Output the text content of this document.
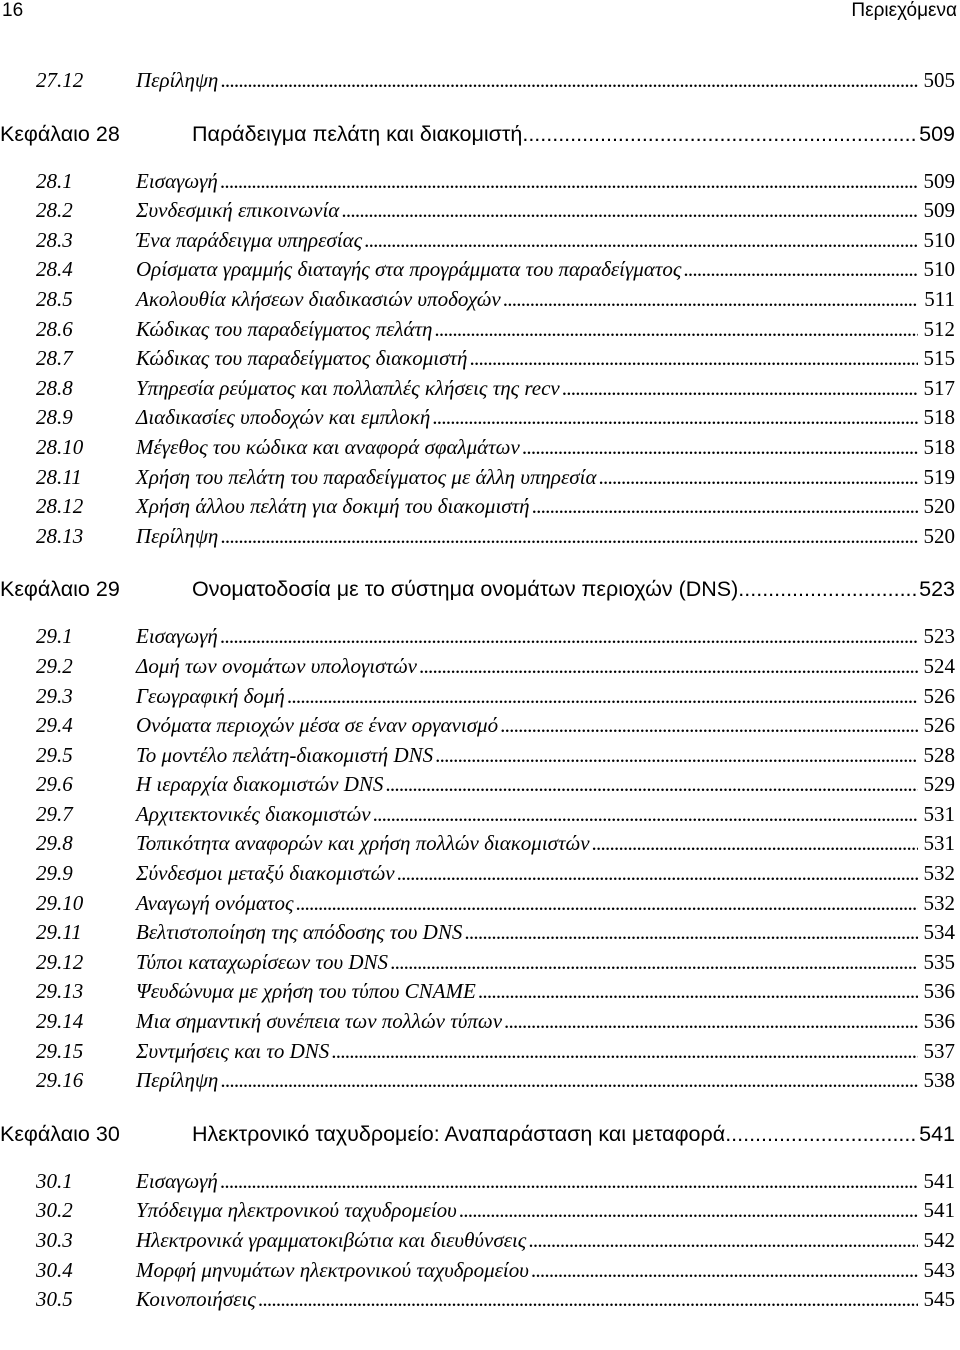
16	Περιεχόμενα
27.12	Περίληψη . . .	505
Κεφάλαιο 28	Παράδειγμα πελάτη και διακομιστή .....	509
28.1	Εισαγωγή . . .	509
28.2	Συνδεσμική επικοινωνία . . .	509
28.3	Ένα παράδειγμα υπηρεσίας . . .	510
28.4	Ορίσματα γραμμής διαταγής στα προγράμματα του παραδείγματος . . .	510
28.5	Ακολουθία κλήσεων διαδικασιών υποδοχών . . .	511
28.6	Κώδικας του παραδείγματος πελάτη . . .	512
28.7	Κώδικας του παραδείγματος διακομιστή . . .	515
28.8	Υπηρεσία ρεύματος και πολλαπλές κλήσεις της recv . . .	517
28.9	Διαδικασίες υποδοχών και εμπλοκή . . .	518
28.10	Μέγεθος του κώδικα και αναφορά σφαλμάτων . . .	518
28.11	Χρήση του πελάτη του παραδείγματος με άλλη υπηρεσία . . .	519
28.12	Χρήση άλλου πελάτη για δοκιμή του διακομιστή . . .	520
28.13	Περίληψη . . .	520
Κεφάλαιο 29	Ονοματοδοσία με το σύστημα ονομάτων περιοχών (DNS) .....	523
29.1	Εισαγωγή . . .	523
29.2	Δομή των ονομάτων υπολογιστών . . .	524
29.3	Γεωγραφική δομή . . .	526
29.4	Ονόματα περιοχών μέσα σε έναν οργανισμό . . .	526
29.5	Το μοντέλο πελάτη-διακομιστή DNS . . .	528
29.6	Η ιεραρχία διακομιστών DNS . . .	529
29.7	Αρχιτεκτονικές διακομιστών . . .	531
29.8	Τοπικότητα αναφορών και χρήση πολλών διακομιστών . . .	531
29.9	Σύνδεσμοι μεταξύ διακομιστών . . .	532
29.10	Αναγωγή ονόματος . . .	532
29.11	Βελτιστοποίηση της απόδοσης του DNS . . .	534
29.12	Τύποι καταχωρίσεων του DNS . . .	535
29.13	Ψευδώνυμα με χρήση του τύπου CNAME . . .	536
29.14	Μια σημαντική συνέπεια των πολλών τύπων . . .	536
29.15	Συντμήσεις και το DNS . . .	537
29.16	Περίληψη . . .	538
Κεφάλαιο 30	Ηλεκτρονικό ταχυδρομείο: Αναπαράσταση και μεταφορά .....	541
30.1	Εισαγωγή . . .	541
30.2	Υπόδειγμα ηλεκτρονικού ταχυδρομείου . . .	541
30.3	Ηλεκτρονικά γραμματοκιβώτια και διευθύνσεις . . .	542
30.4	Μορφή μηνυμάτων ηλεκτρονικού ταχυδρομείου . . .	543
30.5	Κοινοποιήσεις . . .	545
